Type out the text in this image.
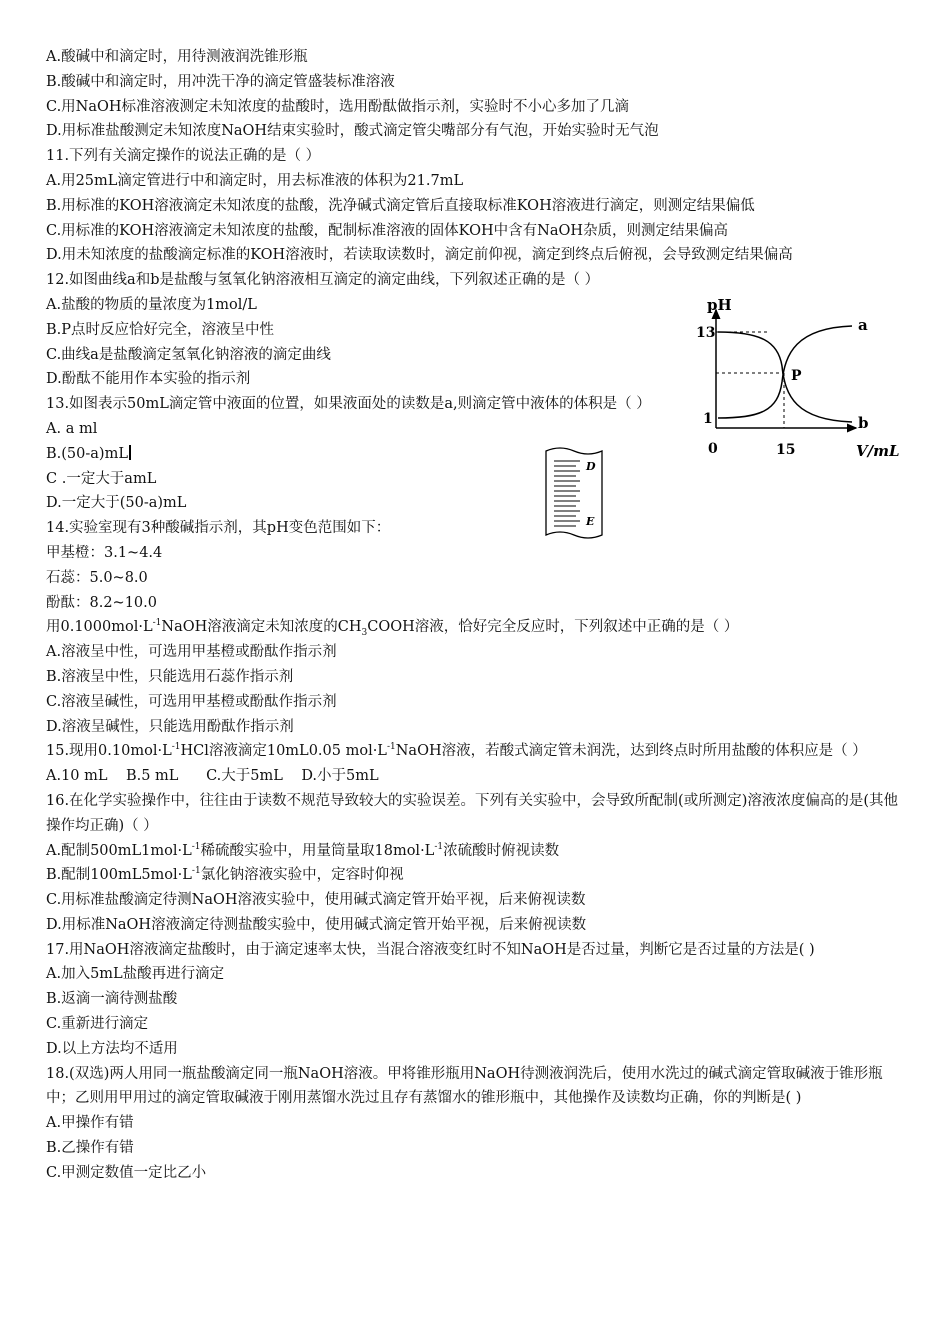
A.酸碱中和滴定时，用待测液润洗锥形瓶
B.酸碱中和滴定时，用冲洗干净的滴定管盛装标准溶液
C.用NaOH标准溶液测定未知浓度的盐酸时，选用酚酞做指示剂，实验时不小心多加了几滴
D.用标准盐酸测定未知浓度NaOH结束实验时，酸式滴定管尖嘴部分有气泡，开始实验时无气泡
11.下列有关滴定操作的说法正确的是（ ）
A.用25mL滴定管进行中和滴定时，用去标准液的体积为21.7mL
B.用标准的KOH溶液滴定未知浓度的盐酸，洗净碱式滴定管后直接取标准KOH溶液进行滴定，则测定结果偏低
C.用标准的KOH溶液滴定未知浓度的盐酸，配制标准溶液的固体KOH中含有NaOH杂质，则测定结果偏高
D.用未知浓度的盐酸滴定标准的KOH溶液时，若读取读数时，滴定前仰视，滴定到终点后俯视，会导致测定结果偏高
12.如图曲线a和b是盐酸与氢氧化钠溶液相互滴定的滴定曲线，下列叙述正确的是（ ）
A.盐酸的物质的量浓度为1mol/L
B.P点时反应恰好完全，溶液呈中性
C.曲线a是盐酸滴定氢氧化钠溶液的滴定曲线
D.酚酞不能用作本实验的指示剂
13.如图表示50mL滴定管中液面的位置，如果液面处的读数是a,则滴定管中液体的体积是（ ）
A. a ml
B.(50-a)mL
C .一定大于amL
D.一定大于(50-a)mL
14.实验室现有3种酸碱指示剂，其pH变色范围如下：
甲基橙：3.1~4.4
石蕊：5.0~8.0
酚酞：8.2~10.0
用$0.1000mol\cdot L^{-1}NaOH$溶液滴定未知浓度的$CH_3COOH$溶液，恰好完全反应时，下列叙述中正确的是（ ）
A.溶液呈中性，可选用甲基橙或酚酞作指示剂
B.溶液呈中性，只能选用石蕊作指示剂
C.溶液呈碱性，可选用甲基橙或酚酞作指示剂
D.溶液呈碱性，只能选用酚酞作指示剂
15.现用$0.10mol\cdot L^{-1}HCl$溶液滴定10mL0.05 $mol\cdot L^{-1}NaOH$溶液，若酸式滴定管未润洗，达到终点时所用盐酸的体积应是（ ）
A.10 mL    B.5 mL      C.大于5mL    D.小于5mL
16.在化学实验操作中，往往由于读数不规范导致较大的实验误差。下列有关实验中，会导致所配制(或所测定)溶液浓度偏高的是(其他操作均正确)（ ）
A.配制$500mL1mol\cdot L^{-1}$稀硫酸实验中，用量筒量取$18mol\cdot L^{-1}$浓硫酸时俯视读数
B.配制$100mL5mol\cdot L^{-1}$氯化钠溶液实验中，定容时仰视
C.用标准盐酸滴定待测NaOH溶液实验中，使用碱式滴定管开始平视，后来俯视读数
D.用标准NaOH溶液滴定待测盐酸实验中，使用碱式滴定管开始平视，后来俯视读数
17.用NaOH溶液滴定盐酸时，由于滴定速率太快，当混合溶液变红时不知NaOH是否过量，判断它是否过量的方法是( )
A.加入5mL盐酸再进行滴定
B.返滴一滴待测盐酸
C.重新进行滴定
D.以上方法均不适用
18.(双选)两人用同一瓶盐酸滴定同一瓶NaOH溶液。甲将锥形瓶用NaOH待测液润洗后，使用水洗过的碱式滴定管取碱液于锥形瓶中；乙则用甲用过的滴定管取碱液于刚用蒸馏水洗过且存有蒸馏水的锥形瓶中，其他操作及读数均正确，你的判断是( )
A.甲操作有错
B.乙操作有错
C.甲测定数值一定比乙小
pH
V/mL
13
1
0	15
P
a
b
D
E
